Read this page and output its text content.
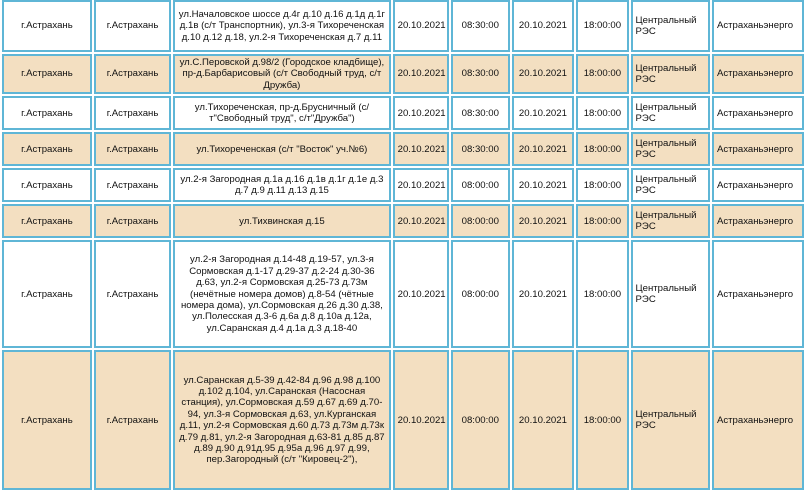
г.Астрахань	г.Астрахань	ул.Началовское шоссе д.4г д.10 д.16 д.1д д.1г д.1в (с/т Транспортник), ул.3-я Тихореченская д.10 д.12 д.18, ул.2-я Тихореченская д.7 д.11	20.10.2021	08:30:00	20.10.2021	18:00:00	Центральный РЭС	Астраханьэнерго
г.Астрахань	г.Астрахань	ул.С.Перовской д.98/2 (Городское кладбище), пр-д.Барбарисовый (с/т Свободный труд, с/т Дружба)	20.10.2021	08:30:00	20.10.2021	18:00:00	Центральный РЭС	Астраханьэнерго
г.Астрахань	г.Астрахань	ул.Тихореченская, пр-д.Брусничный (с/т"Свободный труд", с/т"Дружба")	20.10.2021	08:30:00	20.10.2021	18:00:00	Центральный РЭС	Астраханьэнерго
г.Астрахань	г.Астрахань	ул.Тихореченская (с/т "Восток" уч.№6)	20.10.2021	08:30:00	20.10.2021	18:00:00	Центральный РЭС	Астраханьэнерго
г.Астрахань	г.Астрахань	ул.2-я Загородная д.1а д.16 д.1в д.1г д.1е д.3 д.7 д.9 д.11 д.13 д.15	20.10.2021	08:00:00	20.10.2021	18:00:00	Центральный РЭС	Астраханьэнерго
г.Астрахань	г.Астрахань	ул.Тихвинская д.15	20.10.2021	08:00:00	20.10.2021	18:00:00	Центральный РЭС	Астраханьэнерго
г.Астрахань	г.Астрахань	ул.2-я Загородная д.14-48 д.19-57, ул.3-я Сормовская д.1-17 д.29-37 д.2-24 д.30-36 д.63, ул.2-я Сормовская д.25-73 д.73м (нечётные номера домов) д.8-54 (чётные номера дома), ул.Сормовская д.26 д.30 д.38, ул.Полесская д.3-6 д.6а д.8 д.10а д.12а, ул.Саранская д.4 д.1а д.3 д.18-40	20.10.2021	08:00:00	20.10.2021	18:00:00	Центральный РЭС	Астраханьэнерго
г.Астрахань	г.Астрахань	ул.Саранская д.5-39 д.42-84 д.96 д.98 д.100 д.102 д.104, ул.Саранская (Насосная станция), ул.Сормовская д.59 д.67 д.69 д.70-94, ул.3-я Сормовская д.63, ул.Курганская д.11, ул.2-я Сормовская д.60 д.73 д.73м д.73к д.79 д.81, ул.2-я Загородная д.63-81 д.85 д.87 д.89 д.90 д.91д.95 д.95а д.96 д.97 д.99, пер.Загородный (с/т "Кировец-2"),	20.10.2021	08:00:00	20.10.2021	18:00:00	Центральный РЭС	Астраханьэнерго
